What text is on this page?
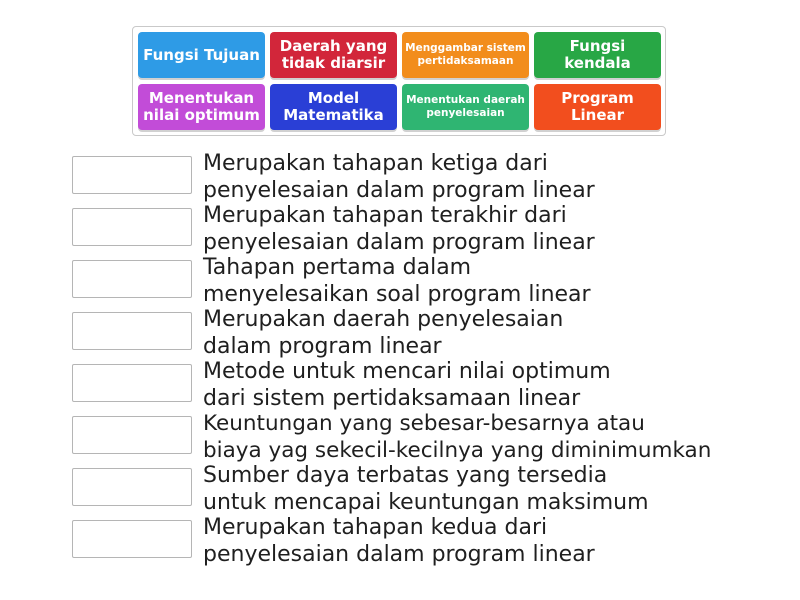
Fungsi Tujuan	Daerah yang tidak diarsir
Menggambar sistem pertidaksamaan
Fungsi kendala
Menentukan nilai optimum
Model Matematika
Menentukan daerah penyelesaian
Program Linear
Merupakan tahapan ketiga dari
penyelesaian dalam program linear
Merupakan tahapan terakhir dari
penyelesaian dalam program linear
Tahapan pertama dalam
menyelesaikan soal program linear
Merupakan daerah penyelesaian
dalam program linear
Metode untuk mencari nilai optimum
dari sistem pertidaksamaan linear
Keuntungan yang sebesar-besarnya atau
biaya yag sekecil-kecilnya yang diminimumkan
Sumber daya terbatas yang tersedia
untuk mencapai keuntungan maksimum
Merupakan tahapan kedua dari
penyelesaian dalam program linear
